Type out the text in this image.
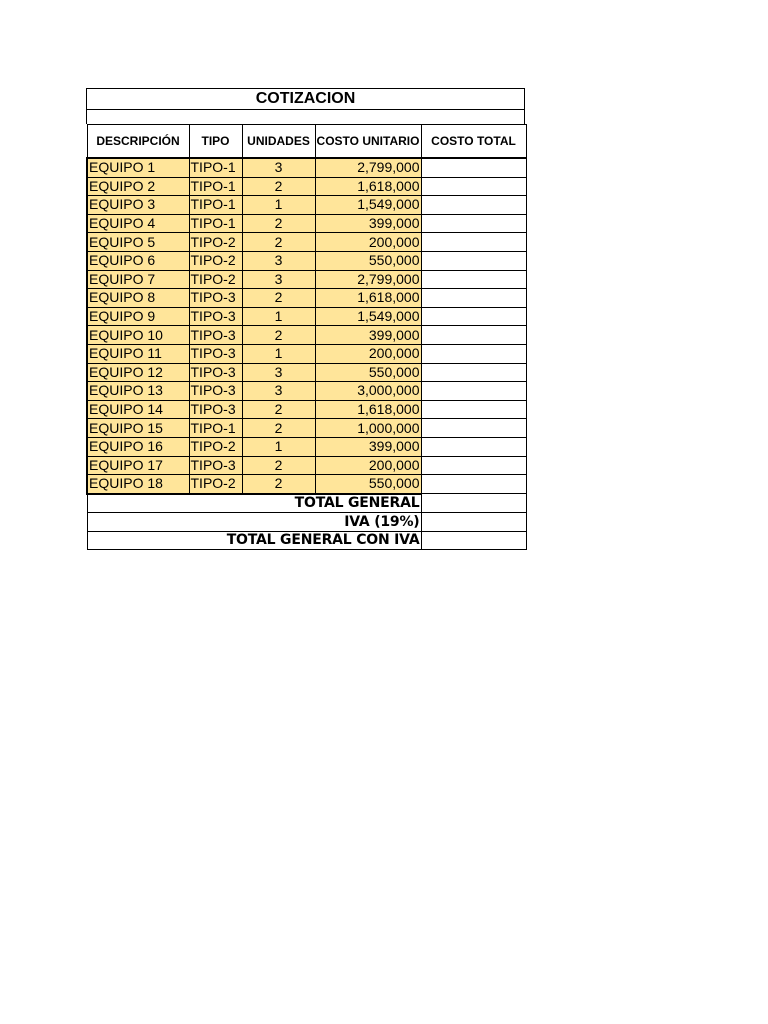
COTIZACION
DESCRIPCIÓN	TIPO	UNIDADES	COSTO UNITARIO	COSTO TOTAL
EQUIPO 1	TIPO-1	3	2,799,000	
EQUIPO 2	TIPO-1	2	1,618,000	
EQUIPO 3	TIPO-1	1	1,549,000	
EQUIPO 4	TIPO-1	2	399,000	
EQUIPO 5	TIPO-2	2	200,000	
EQUIPO 6	TIPO-2	3	550,000	
EQUIPO 7	TIPO-2	3	2,799,000	
EQUIPO 8	TIPO-3	2	1,618,000	
EQUIPO 9	TIPO-3	1	1,549,000	
EQUIPO 10	TIPO-3	2	399,000	
EQUIPO 11	TIPO-3	1	200,000	
EQUIPO 12	TIPO-3	3	550,000	
EQUIPO 13	TIPO-3	3	3,000,000	
EQUIPO 14	TIPO-3	2	1,618,000	
EQUIPO 15	TIPO-1	2	1,000,000	
EQUIPO 16	TIPO-2	1	399,000	
EQUIPO 17	TIPO-3	2	200,000	
EQUIPO 18	TIPO-2	2	550,000	
TOTAL GENERAL				
IVA (19%)				
TOTAL GENERAL CON IVA				
